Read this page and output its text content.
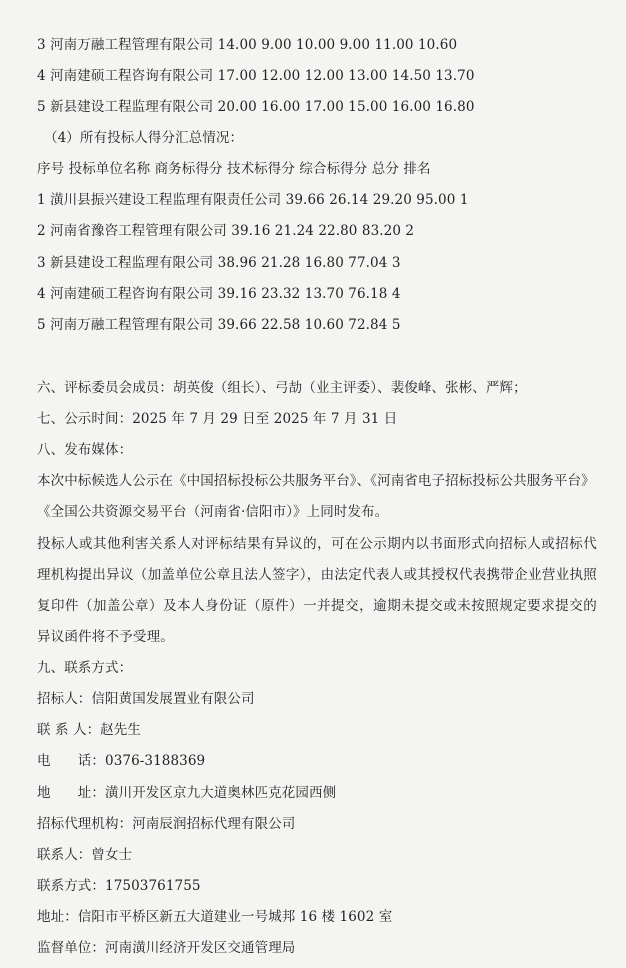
3 河南万融工程管理有限公司 14.00 9.00 10.00 9.00 11.00 10.60
4 河南建硕工程咨询有限公司 17.00 12.00 12.00 13.00 14.50 13.70
5 新县建设工程监理有限公司 20.00 16.00 17.00 15.00 16.00 16.80
（4）所有投标人得分汇总情况：
序号 投标单位名称 商务标得分 技术标得分 综合标得分 总分 排名
1 潢川县振兴建设工程监理有限责任公司 39.66 26.14 29.20 95.00 1
2 河南省豫咨工程管理有限公司 39.16 21.24 22.80 83.20 2
3 新县建设工程监理有限公司 38.96 21.28 16.80 77.04 3
4 河南建硕工程咨询有限公司 39.16 23.32 13.70 76.18 4
5 河南万融工程管理有限公司 39.66 22.58 10.60 72.84 5
六、评标委员会成员：胡英俊（组长）、弓劼（业主评委）、裴俊峰、张彬、严辉；
七、公示时间：2025 年 7 月 29 日至 2025 年 7 月 31 日
八、发布媒体：
本次中标候选人公示在《中国招标投标公共服务平台》、《河南省电子招标投标公共服务平台》
《全国公共资源交易平台（河南省·信阳市）》上同时发布。
投标人或其他利害关系人对评标结果有异议的，可在公示期内以书面形式向招标人或招标代理机构提出异议（加盖单位公章且法人签字），由法定代表人或其授权代表携带企业营业执照复印件（加盖公章）及本人身份证（原件）一并提交，逾期未提交或未按照规定要求提交的异议函件将不予受理。
九、联系方式：
招标人：信阳黄国发展置业有限公司
联 系 人：赵先生
电　　话：0376-3188369
地　　址：潢川开发区京九大道奥林匹克花园西侧
招标代理机构：河南辰润招标代理有限公司
联系人：曾女士
联系方式：17503761755
地址：信阳市平桥区新五大道建业一号城邦 16 楼 1602 室
监督单位：河南潢川经济开发区交通管理局
